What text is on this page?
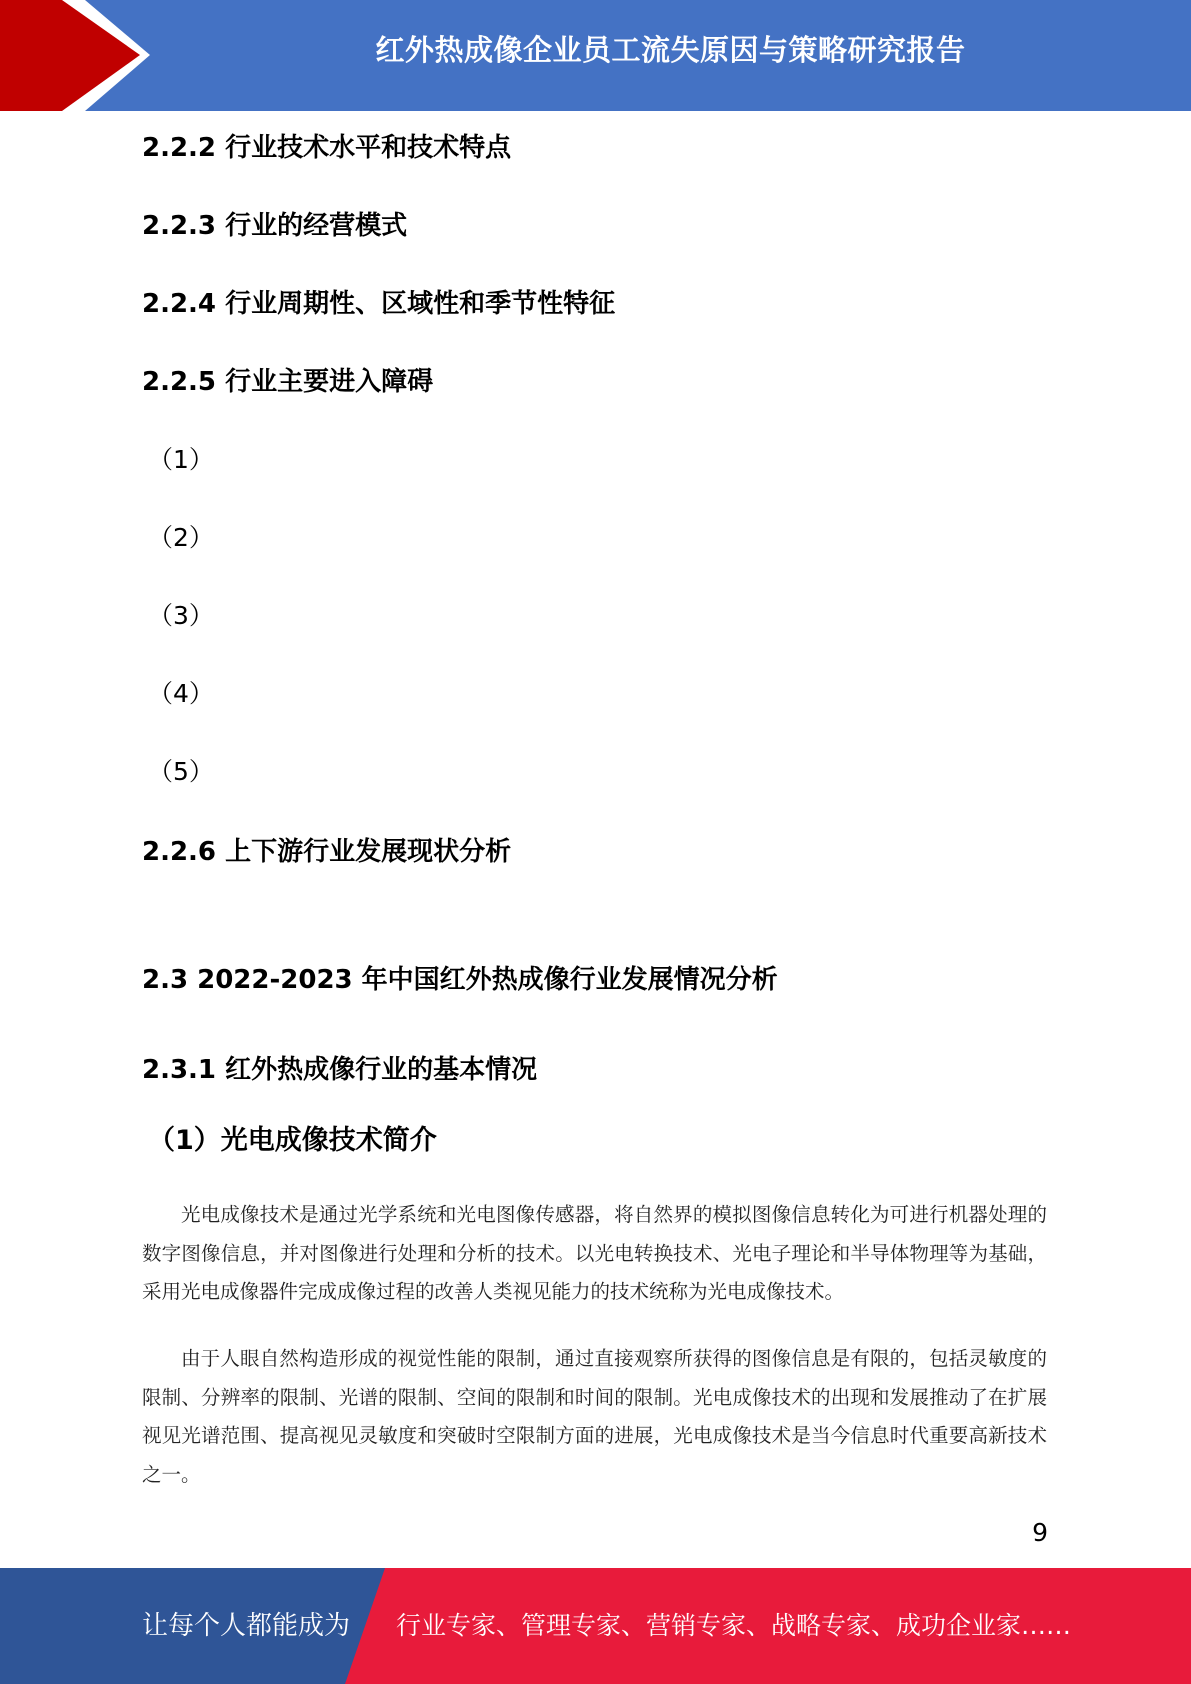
红外热成像企业员工流失原因与策略研究报告
2.2.2 行业技术水平和技术特点
2.2.3 行业的经营模式
2.2.4 行业周期性、区域性和季节性特征
2.2.5 行业主要进入障碍
（1）
（2）
（3）
（4）
（5）
2.2.6 上下游行业发展现状分析
2.3 2022-2023 年中国红外热成像行业发展情况分析
2.3.1 红外热成像行业的基本情况
（1）光电成像技术简介
光电成像技术是通过光学系统和光电图像传感器，将自然界的模拟图像信息转化为可进行机器处理的数字图像信息，并对图像进行处理和分析的技术。以光电转换技术、光电子理论和半导体物理等为基础，采用光电成像器件完成成像过程的改善人类视见能力的技术统称为光电成像技术。
由于人眼自然构造形成的视觉性能的限制，通过直接观察所获得的图像信息是有限的，包括灵敏度的限制、分辨率的限制、光谱的限制、空间的限制和时间的限制。光电成像技术的出现和发展推动了在扩展视见光谱范围、提高视见灵敏度和突破时空限制方面的进展，光电成像技术是当今信息时代重要高新技术之一。
9
让每个人都能成为 行业专家、管理专家、营销专家、战略专家、成功企业家……
